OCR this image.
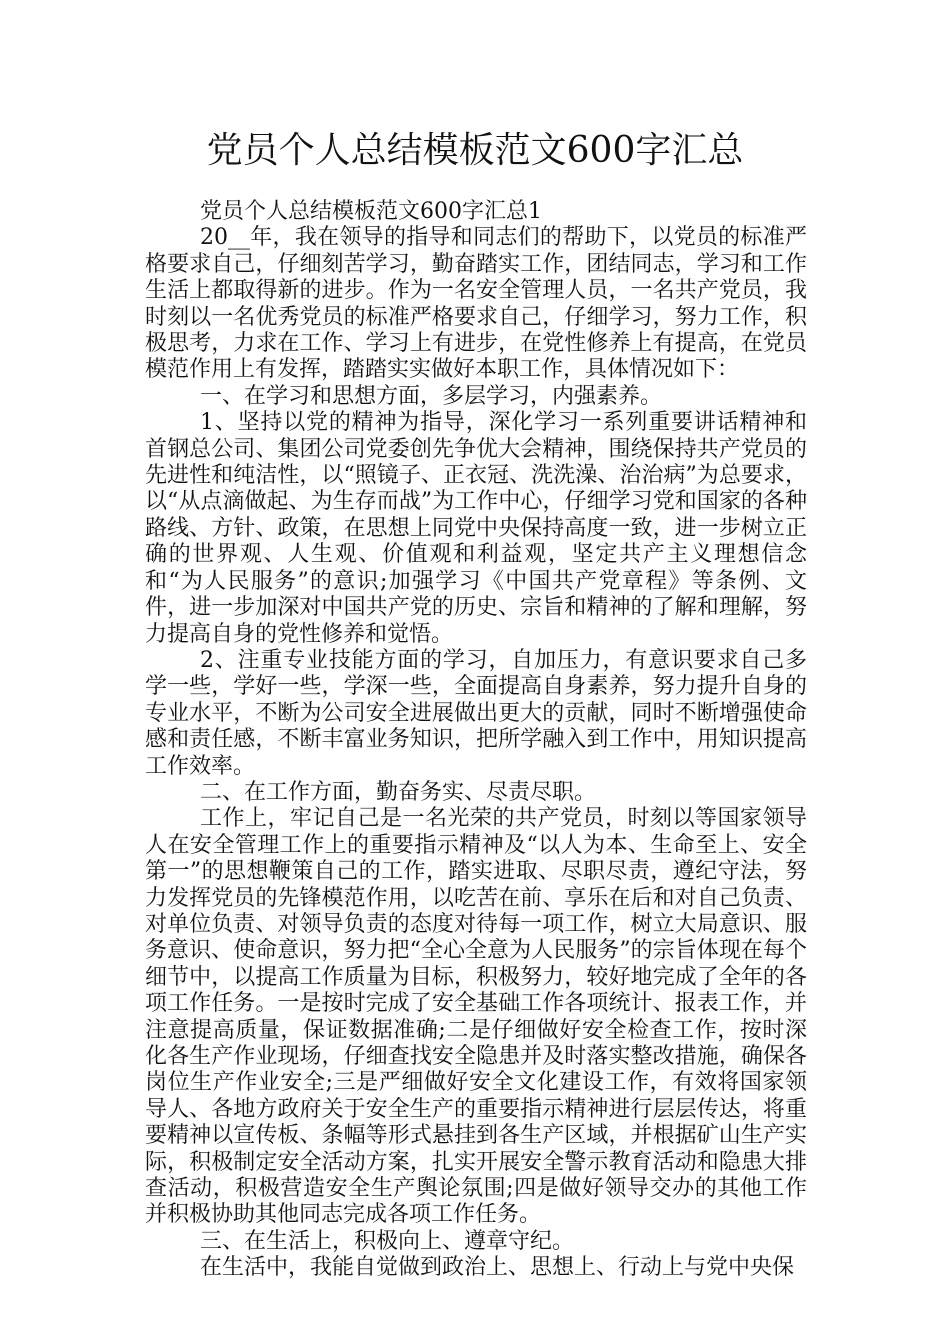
党员个人总结模板范文600字汇总

党员个人总结模板范文600字汇总1

20__年，我在领导的指导和同志们的帮助下，以党员的标准严格要求自己，仔细刻苦学习，勤奋踏实工作，团结同志，学习和工作生活上都取得新的进步。作为一名安全管理人员，一名共产党员，我时刻以一名优秀党员的标准严格要求自己，仔细学习，努力工作，积极思考，力求在工作、学习上有进步，在党性修养上有提高，在党员模范作用上有发挥，踏踏实实做好本职工作，具体情况如下：

一、在学习和思想方面，多层学习，内强素养。

1、坚持以党的精神为指导，深化学习一系列重要讲话精神和首钢总公司、集团公司党委创先争优大会精神，围绕保持共产党员的先进性和纯洁性，以“照镜子、正衣冠、洗洗澡、治治病”为总要求，以“从点滴做起、为生存而战”为工作中心，仔细学习党和国家的各种路线、方针、政策，在思想上同党中央保持高度一致，进一步树立正确的世界观、人生观、价值观和利益观，坚定共产主义理想信念和“为人民服务”的意识;加强学习《中国共产党章程》等条例、文件，进一步加深对中国共产党的历史、宗旨和精神的了解和理解，努力提高自身的党性修养和觉悟。

2、注重专业技能方面的学习，自加压力，有意识要求自己多学一些，学好一些，学深一些，全面提高自身素养，努力提升自身的专业水平，不断为公司安全进展做出更大的贡献，同时不断增强使命感和责任感，不断丰富业务知识，把所学融入到工作中，用知识提高工作效率。

二、在工作方面，勤奋务实、尽责尽职。

工作上，牢记自己是一名光荣的共产党员，时刻以等国家领导人在安全管理工作上的重要指示精神及“以人为本、生命至上、安全第一”的思想鞭策自己的工作，踏实进取、尽职尽责，遵纪守法，努力发挥党员的先锋模范作用，以吃苦在前、享乐在后和对自己负责、对单位负责、对领导负责的态度对待每一项工作，树立大局意识、服务意识、使命意识，努力把“全心全意为人民服务”的宗旨体现在每个细节中，以提高工作质量为目标，积极努力，较好地完成了全年的各项工作任务。一是按时完成了安全基础工作各项统计、报表工作，并注意提高质量，保证数据准确;二是仔细做好安全检查工作，按时深化各生产作业现场，仔细查找安全隐患并及时落实整改措施，确保各岗位生产作业安全;三是严细做好安全文化建设工作，有效将国家领导人、各地方政府关于安全生产的重要指示精神进行层层传达，将重要精神以宣传板、条幅等形式悬挂到各生产区域，并根据矿山生产实际，积极制定安全活动方案，扎实开展安全警示教育活动和隐患大排查活动，积极营造安全生产舆论氛围;四是做好领导交办的其他工作并积极协助其他同志完成各项工作任务。

三、在生活上，积极向上、遵章守纪。

在生活中，我能自觉做到政治上、思想上、行动上与党中央保
